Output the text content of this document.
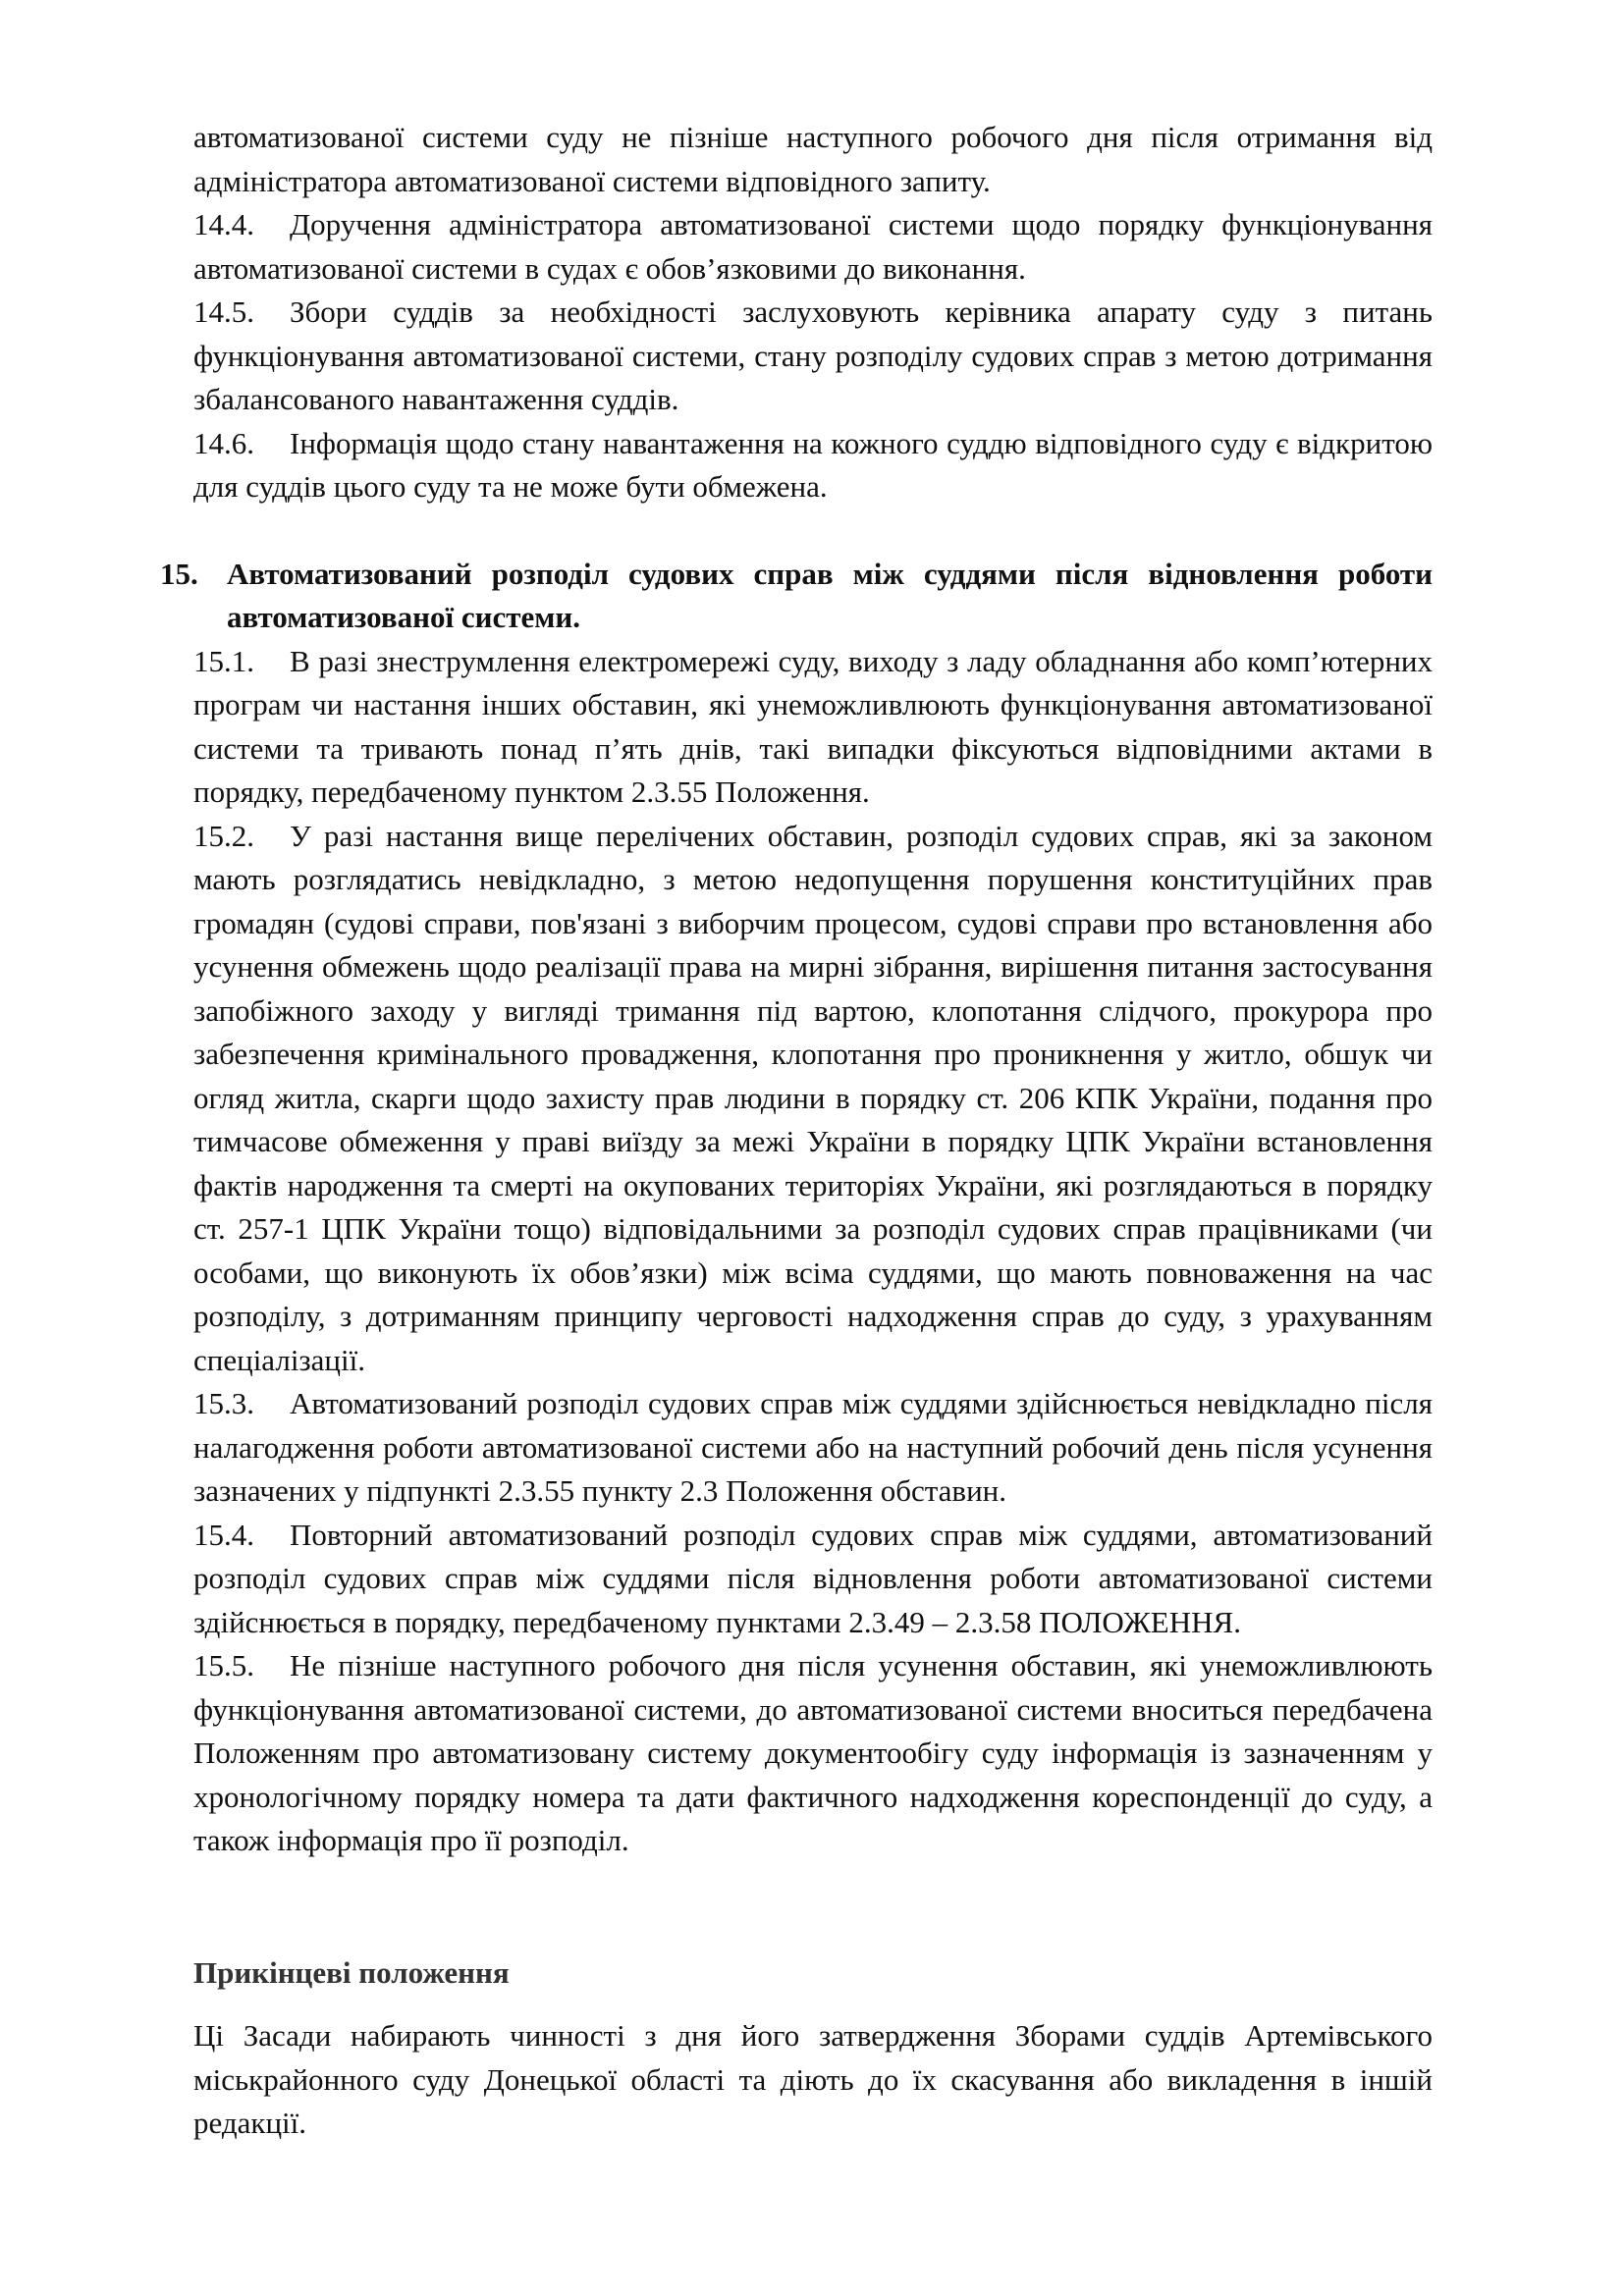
автоматизованої системи суду не пізніше наступного робочого дня після отримання від адміністратора автоматизованої системи відповідного запиту.

14.4. Доручення адміністратора автоматизованої системи щодо порядку функціонування автоматизованої системи в судах є обов’язковими до виконання.

14.5. Збори суддів за необхідності заслуховують керівника апарату суду з питань функціонування автоматизованої системи, стану розподілу судових справ з метою дотримання збалансованого навантаження суддів.

14.6. Інформація щодо стану навантаження на кожного суддю відповідного суду є відкритою для суддів цього суду та не може бути обмежена.

15. Автоматизований розподіл судових справ між суддями після відновлення роботи автоматизованої системи.

15.1. В разі знеструмлення електромережі суду, виходу з ладу обладнання або комп’ютерних програм чи настання інших обставин, які унеможливлюють функціонування автоматизованої системи та тривають понад п’ять днів, такі випадки фіксуються відповідними актами в порядку, передбаченому пунктом 2.3.55 Положення.

15.2. У разі настання вище перелічених обставин, розподіл судових справ, які за законом мають розглядатись невідкладно, з метою недопущення порушення конституційних прав громадян (судові справи, пов'язані з виборчим процесом, судові справи про встановлення або усунення обмежень щодо реалізації права на мирні зібрання, вирішення питання застосування запобіжного заходу у вигляді тримання під вартою, клопотання слідчого, прокурора про забезпечення кримінального провадження, клопотання про проникнення у житло, обшук чи огляд житла, скарги щодо захисту прав людини в порядку ст. 206 КПК України, подання про тимчасове обмеження у праві виїзду за межі України в порядку ЦПК України встановлення фактів народження та смерті на окупованих територіях України, які розглядаються в порядку ст. 257-1 ЦПК України тощо) відповідальними за розподіл судових справ працівниками (чи особами, що виконують їх обов’язки) між всіма суддями, що мають повноваження на час розподілу, з дотриманням принципу черговості надходження справ до суду, з урахуванням спеціалізації.

15.3. Автоматизований розподіл судових справ між суддями здійснюється невідкладно після налагодження роботи автоматизованої системи або на наступний робочий день після усунення зазначених у підпункті 2.3.55 пункту 2.3 Положення обставин.

15.4. Повторний автоматизований розподіл судових справ між суддями, автоматизований розподіл судових справ між суддями після відновлення роботи автоматизованої системи здійснюється в порядку, передбаченому пунктами 2.3.49 – 2.3.58 ПОЛОЖЕННЯ.

15.5. Не пізніше наступного робочого дня після усунення обставин, які унеможливлюють функціонування автоматизованої системи, до автоматизованої системи вноситься передбачена Положенням про автоматизовану систему документообігу суду інформація із зазначенням у хронологічному порядку номера та дати фактичного надходження кореспонденції до суду, а також інформація про її розподіл.

Прикінцеві положення

Ці Засади набирають чинності з дня його затвердження Зборами суддів Артемівського міськрайонного суду Донецької області та діють до їх скасування або викладення в іншій редакції.
